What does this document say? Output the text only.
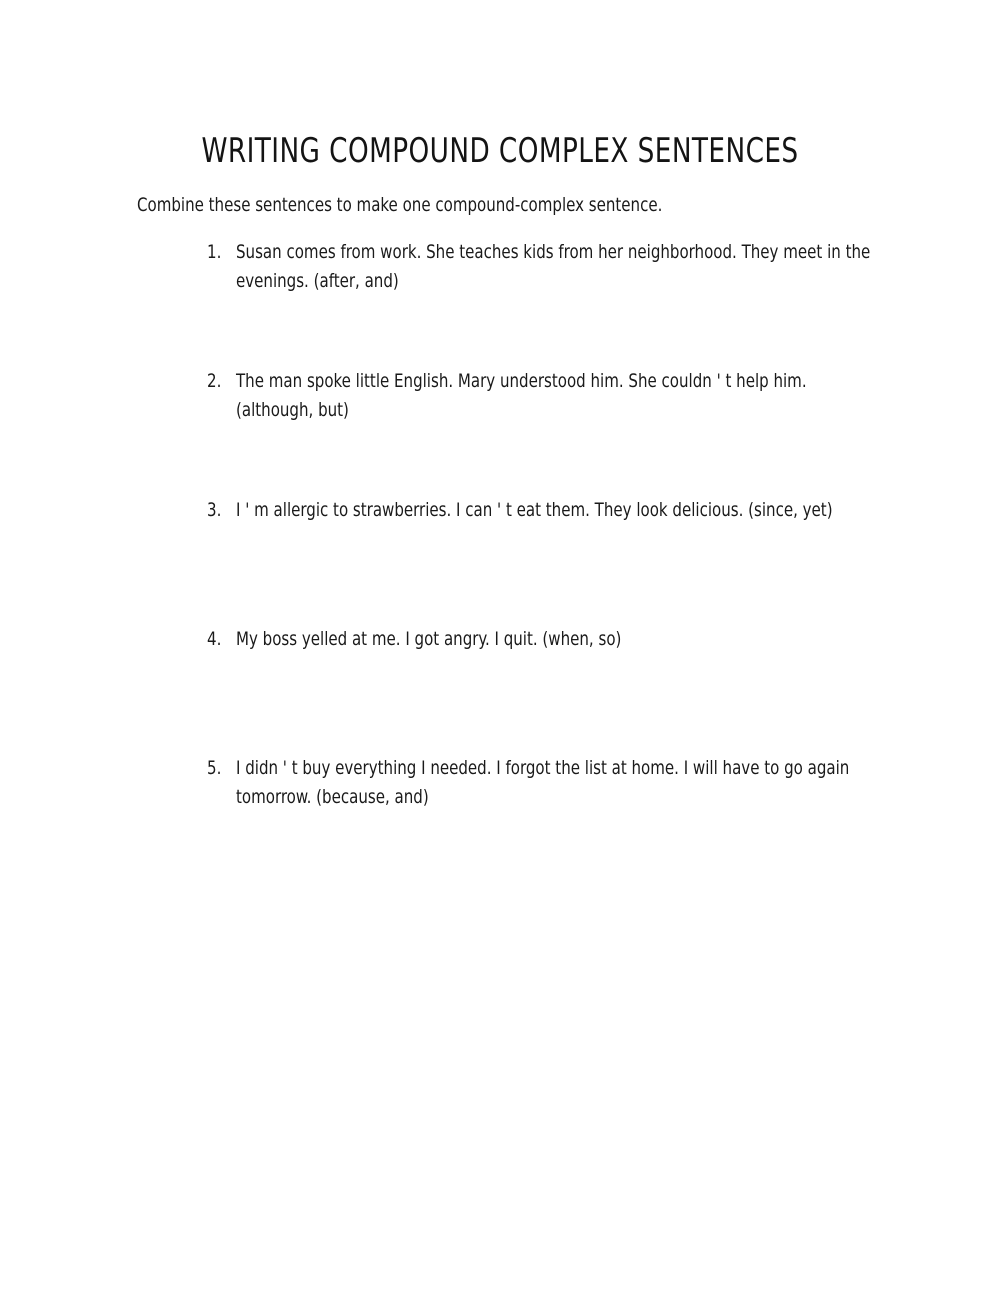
WRITING COMPOUND COMPLEX SENTENCES

Combine these sentences to make one compound-complex sentence.

1. Susan comes from work. She teaches kids from her neighborhood. They meet in the evenings. (after, and)
2. The man spoke little English. Mary understood him. She couldn ' t help him. (although, but)
3. I ' m allergic to strawberries. I can ' t eat them. They look delicious. (since, yet)
4. My boss yelled at me. I got angry. I quit. (when, so)
5. I didn ' t buy everything I needed. I forgot the list at home. I will have to go again tomorrow. (because, and)
